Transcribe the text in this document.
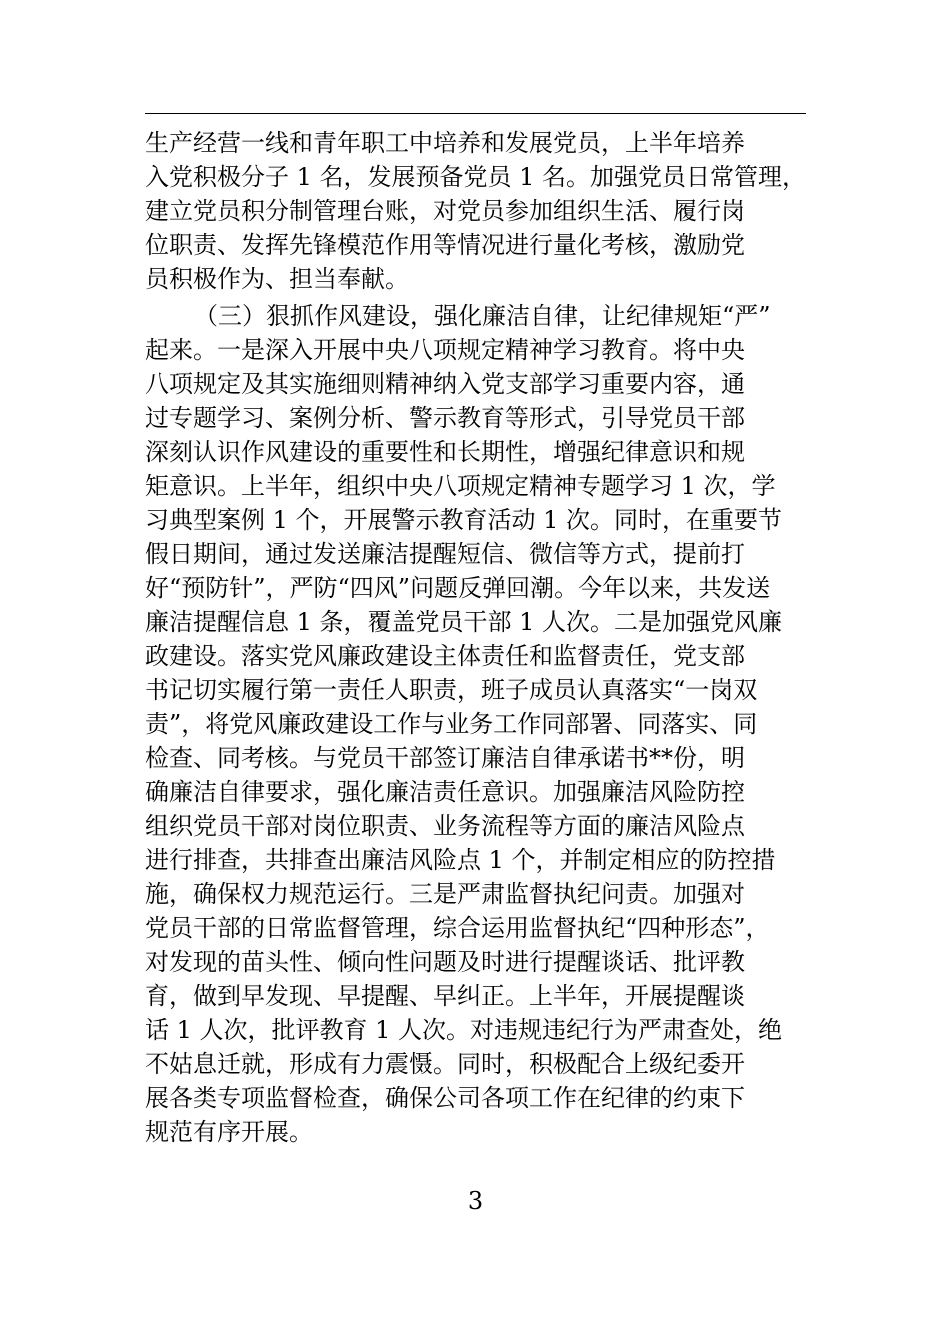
生产经营一线和青年职工中培养和发展党员，上半年培养
入党积极分子 1 名，发展预备党员 1 名。加强党员日常管理，
建立党员积分制管理台账，对党员参加组织生活、履行岗
位职责、发挥先锋模范作用等情况进行量化考核，激励党
员积极作为、担当奉献。
（三）狠抓作风建设，强化廉洁自律，让纪律规矩“严”
起来。一是深入开展中央八项规定精神学习教育。将中央
八项规定及其实施细则精神纳入党支部学习重要内容，通
过专题学习、案例分析、警示教育等形式，引导党员干部
深刻认识作风建设的重要性和长期性，增强纪律意识和规
矩意识。上半年，组织中央八项规定精神专题学习 1 次，学
习典型案例 1 个，开展警示教育活动 1 次。同时，在重要节
假日期间，通过发送廉洁提醒短信、微信等方式，提前打
好“预防针”，严防“四风”问题反弹回潮。今年以来，共发送
廉洁提醒信息 1 条，覆盖党员干部 1 人次。二是加强党风廉
政建设。落实党风廉政建设主体责任和监督责任，党支部
书记切实履行第一责任人职责，班子成员认真落实“一岗双
责”，将党风廉政建设工作与业务工作同部署、同落实、同
检查、同考核。与党员干部签订廉洁自律承诺书**份，明
确廉洁自律要求，强化廉洁责任意识。加强廉洁风险防控
组织党员干部对岗位职责、业务流程等方面的廉洁风险点
进行排查，共排查出廉洁风险点 1 个，并制定相应的防控措
施，确保权力规范运行。三是严肃监督执纪问责。加强对
党员干部的日常监督管理，综合运用监督执纪“四种形态”，
对发现的苗头性、倾向性问题及时进行提醒谈话、批评教
育，做到早发现、早提醒、早纠正。上半年，开展提醒谈
话 1 人次，批评教育 1 人次。对违规违纪行为严肃查处，绝
不姑息迁就，形成有力震慑。同时，积极配合上级纪委开
展各类专项监督检查，确保公司各项工作在纪律的约束下
规范有序开展。
3
